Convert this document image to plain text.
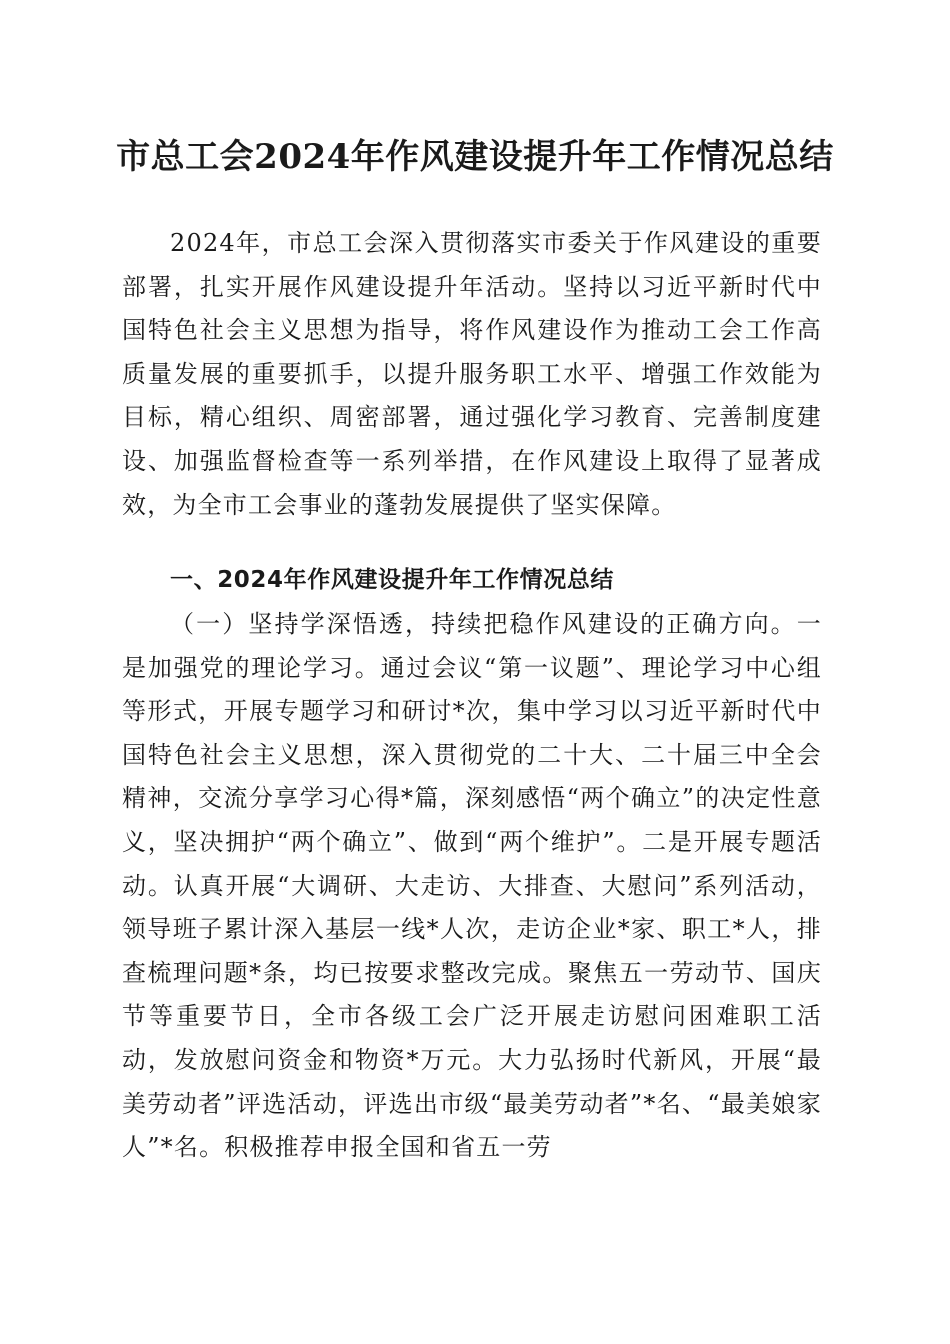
市总工会2024年作风建设提升年工作情况总结

2024年，市总工会深入贯彻落实市委关于作风建设的重要部署，扎实开展作风建设提升年活动。坚持以习近平新时代中国特色社会主义思想为指导，将作风建设作为推动工会工作高质量发展的重要抓手，以提升服务职工水平、增强工作效能为目标，精心组织、周密部署，通过强化学习教育、完善制度建设、加强监督检查等一系列举措，在作风建设上取得了显著成效，为全市工会事业的蓬勃发展提供了坚实保障。

一、2024年作风建设提升年工作情况总结

（一）坚持学深悟透，持续把稳作风建设的正确方向。一是加强党的理论学习。通过会议“第一议题”、理论学习中心组等形式，开展专题学习和研讨*次，集中学习以习近平新时代中国特色社会主义思想，深入贯彻党的二十大、二十届三中全会精神，交流分享学习心得*篇，深刻感悟“两个确立”的决定性意义，坚决拥护“两个确立”、做到“两个维护”。二是开展专题活动。认真开展“大调研、大走访、大排查、大慰问”系列活动，领导班子累计深入基层一线*人次，走访企业*家、职工*人，排查梳理问题*条，均已按要求整改完成。聚焦五一劳动节、国庆节等重要节日，全市各级工会广泛开展走访慰问困难职工活动，发放慰问资金和物资*万元。大力弘扬时代新风，开展“最美劳动者”评选活动，评选出市级“最美劳动者”*名、“最美娘家人”*名。积极推荐申报全国和省五一劳
